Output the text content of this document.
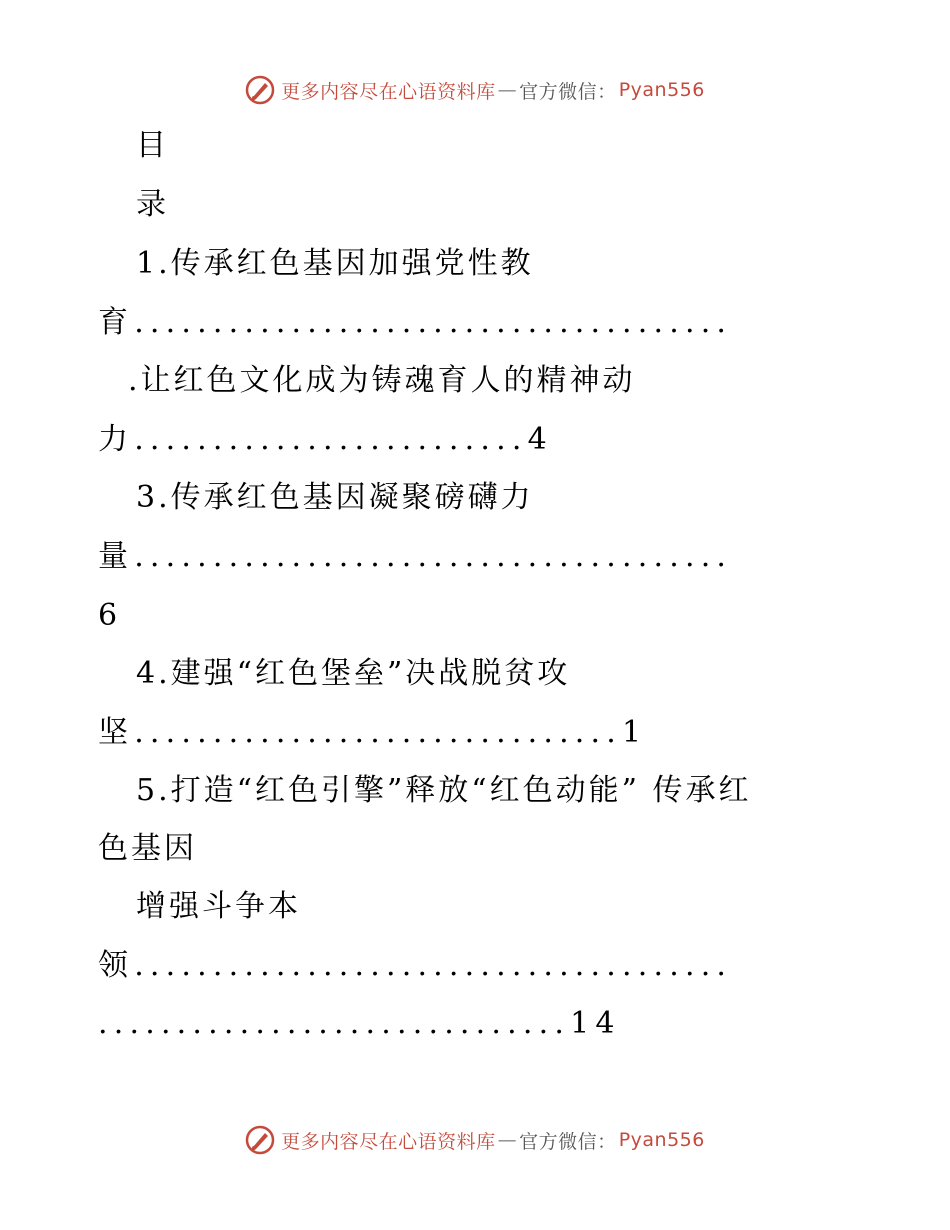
更多内容尽在心语资料库 — 官方微信： Pyan556
目
录
1.传承红色基因加强党性教
育......................................
.让红色文化成为铸魂育人的精神动
力.........................4
3.传承红色基因凝聚磅礴力
量......................................
6
4.建强“红色堡垒”决战脱贫攻
坚...............................1
5.打造“红色引擎”释放“红色动能” 传承红
色基因
增强斗争本
领......................................
..............................14
更多内容尽在心语资料库 — 官方微信： Pyan556
